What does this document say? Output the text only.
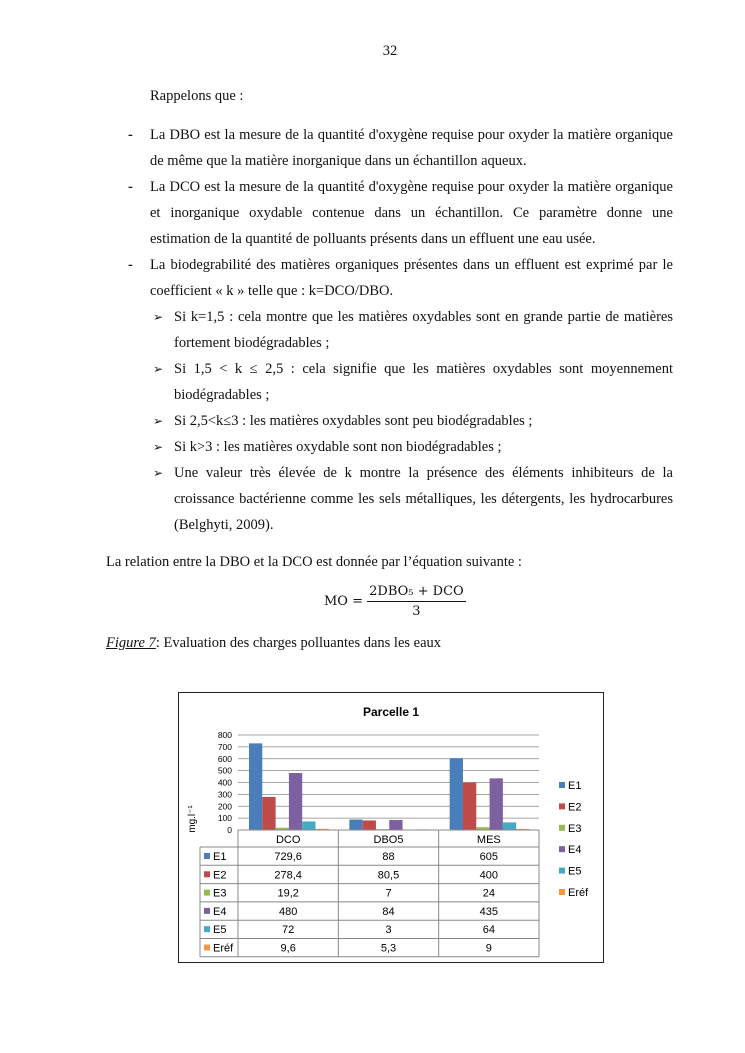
32
Rappelons que :
- La DBO est la mesure de la quantité d'oxygène requise pour oxyder la matière organique de même que la matière inorganique dans un échantillon aqueux.
- La DCO est la mesure de la quantité d'oxygène requise pour oxyder la matière organique et inorganique oxydable contenue dans un échantillon. Ce paramètre donne une estimation de la quantité de polluants présents dans un effluent une eau usée.
- La biodegrabilité des matières organiques présentes dans un effluent est exprimé par le coefficient « k » telle que : k=DCO/DBO.
➢ Si k=1,5 : cela montre que les matières oxydables sont en grande partie de matières fortement biodégradables ;
➢ Si 1,5 < k ≤ 2,5 : cela signifie que les matières oxydables sont moyennement biodégradables ;
➢ Si 2,5<k≤3 : les matières oxydables sont peu biodégradables ;
➢ Si k>3 : les matières oxydable sont non biodégradables ;
➢ Une valeur très élevée de k montre la présence des éléments inhibiteurs de la croissance bactérienne comme les sels métalliques, les détergents, les hydrocarbures (Belghyti, 2009).
La relation entre la DBO et la DCO est donnée par l’équation suivante :
MO = $\frac{\text{2DBO₅ + DCO}}{3}$
Figure 7: Evaluation des charges polluantes dans les eaux
Parcelle 1
0
100
200
300
400
500
600
700
800
mg.l⁻¹
DCO	DBO5	MES
E1	729,6	88	605
E1
E2	278,4	80,5	400
E2
E3	19,2	7	24
E3
E4	480	84	435
E4
E5	72	3	64
E5
Eréf	9,6	5,3	9
Eréf
